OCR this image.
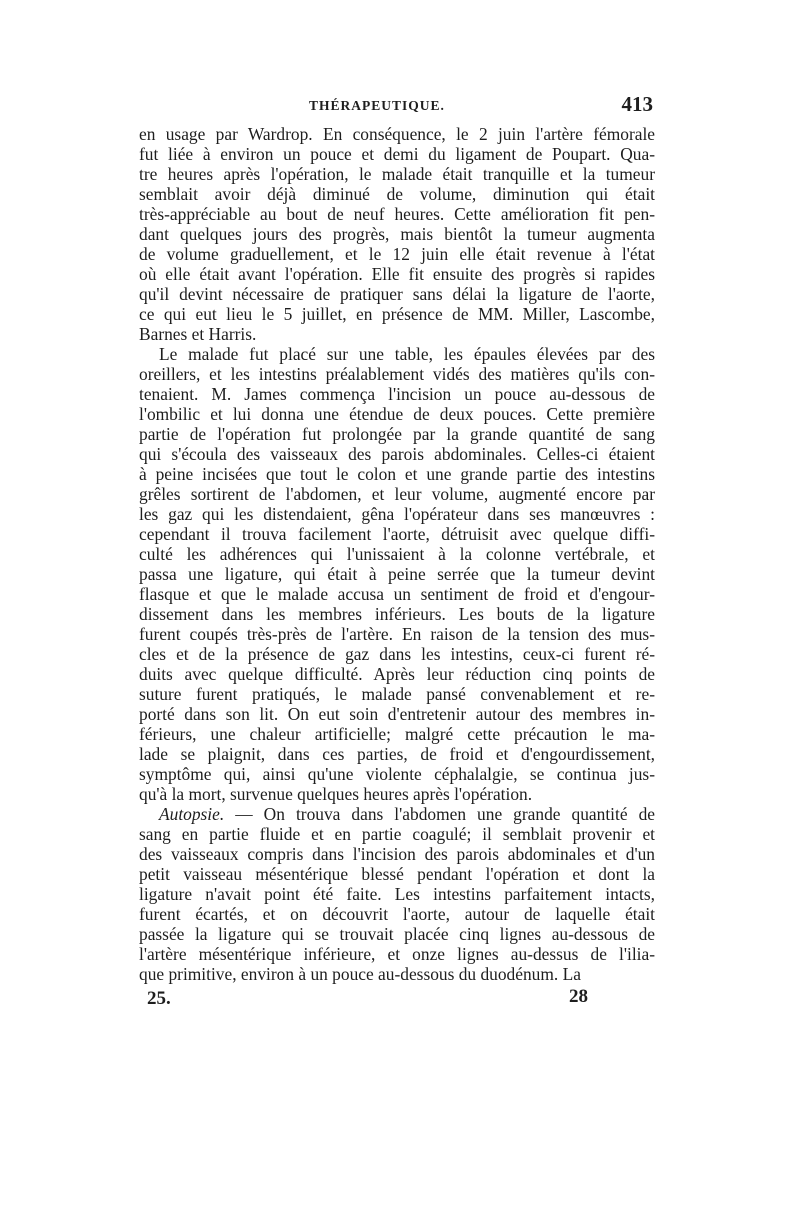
THÉRAPEUTIQUE.	413
en usage par Wardrop. En conséquence, le 2 juin l'artère fémorale
fut liée à environ un pouce et demi du ligament de Poupart. Qua-
tre heures après l'opération, le malade était tranquille et la tumeur
semblait avoir déjà diminué de volume, diminution qui était
très-appréciable au bout de neuf heures. Cette amélioration fit pen-
dant quelques jours des progrès, mais bientôt la tumeur augmenta
de volume graduellement, et le 12 juin elle était revenue à l'état
où elle était avant l'opération. Elle fit ensuite des progrès si rapides
qu'il devint nécessaire de pratiquer sans délai la ligature de l'aorte,
ce qui eut lieu le 5 juillet, en présence de MM. Miller, Lascombe,
Barnes et Harris.
Le malade fut placé sur une table, les épaules élevées par des
oreillers, et les intestins préalablement vidés des matières qu'ils con-
tenaient. M. James commença l'incision un pouce au-dessous de
l'ombilic et lui donna une étendue de deux pouces. Cette première
partie de l'opération fut prolongée par la grande quantité de sang
qui s'écoula des vaisseaux des parois abdominales. Celles-ci étaient
à peine incisées que tout le colon et une grande partie des intestins
grêles sortirent de l'abdomen, et leur volume, augmenté encore par
les gaz qui les distendaient, gêna l'opérateur dans ses manœuvres :
cependant il trouva facilement l'aorte, détruisit avec quelque diffi-
culté les adhérences qui l'unissaient à la colonne vertébrale, et
passa une ligature, qui était à peine serrée que la tumeur devint
flasque et que le malade accusa un sentiment de froid et d'engour-
dissement dans les membres inférieurs. Les bouts de la ligature
furent coupés très-près de l'artère. En raison de la tension des mus-
cles et de la présence de gaz dans les intestins, ceux-ci furent ré-
duits avec quelque difficulté. Après leur réduction cinq points de
suture furent pratiqués, le malade pansé convenablement et re-
porté dans son lit. On eut soin d'entretenir autour des membres in-
férieurs, une chaleur artificielle; malgré cette précaution le ma-
lade se plaignit, dans ces parties, de froid et d'engourdissement,
symptôme qui, ainsi qu'une violente céphalalgie, se continua jus-
qu'à la mort, survenue quelques heures après l'opération.
Autopsie. — On trouva dans l'abdomen une grande quantité de
sang en partie fluide et en partie coagulé; il semblait provenir et
des vaisseaux compris dans l'incision des parois abdominales et d'un
petit vaisseau mésentérique blessé pendant l'opération et dont la
ligature n'avait point été faite. Les intestins parfaitement intacts,
furent écartés, et on découvrit l'aorte, autour de laquelle était
passée la ligature qui se trouvait placée cinq lignes au-dessous de
l'artère mésentérique inférieure, et onze lignes au-dessus de l'ilia-
que primitive, environ à un pouce au-dessous du duodénum. La
25.	28
